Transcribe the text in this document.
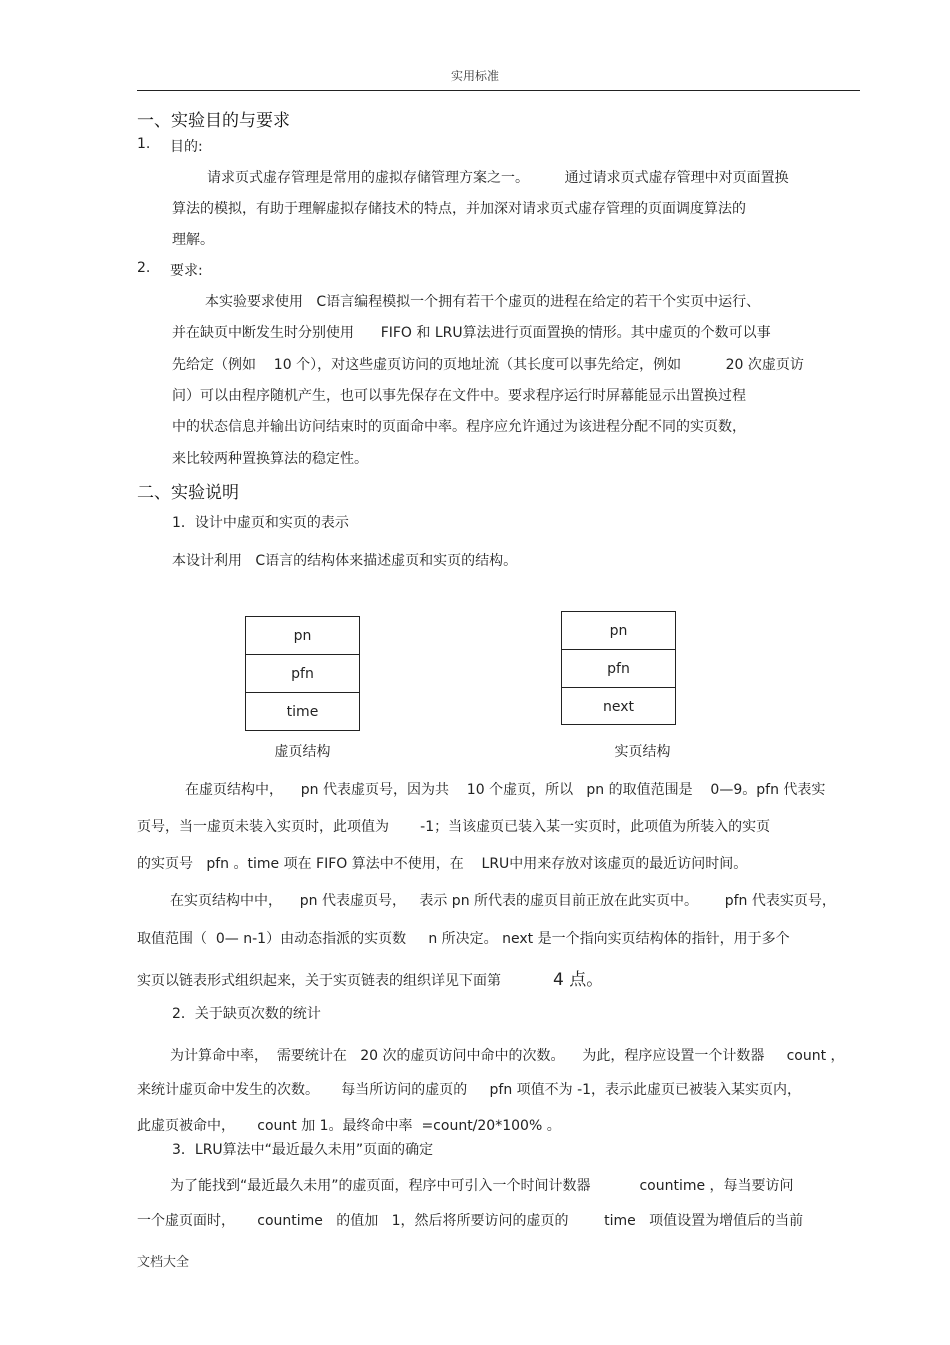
实用标准
一、实验目的与要求
1. 目的:
请求页式虚存管理是常用的虚拟存储管理方案之一。        通过请求页式虚存管理中对页面置换
算法的模拟，有助于理解虚拟存储技术的特点，并加深对请求页式虚存管理的页面调度算法的
理解。
2. 要求:
本实验要求使用   C语言编程模拟一个拥有若干个虚页的进程在给定的若干个实页中运行、
并在缺页中断发生时分别使用      FIFO 和 LRU算法进行页面置换的情形。其中虚页的个数可以事
先给定（例如    10 个），对这些虚页访问的页地址流（其长度可以事先给定，例如          20 次虚页访
问）可以由程序随机产生，也可以事先保存在文件中。要求程序运行时屏幕能显示出置换过程
中的状态信息并输出访问结束时的页面命中率。程序应允许通过为该进程分配不同的实页数，
来比较两种置换算法的稳定性。
二、实验说明
1．设计中虚页和实页的表示
本设计利用   C语言的结构体来描述虚页和实页的结构。
pn
pfn
time
虚页结构
pn
pfn
next
实页结构
在虚页结构中，    pn 代表虚页号，因为共    10 个虚页，所以   pn 的取值范围是    0—9。pfn 代表实
页号，当一虚页未装入实页时，此项值为       -1；当该虚页已装入某一实页时，此项值为所装入的实页
的实页号   pfn 。time 项在 FIFO 算法中不使用，在    LRU中用来存放对该虚页的最近访问时间。
在实页结构中中，    pn 代表虚页号，   表示 pn 所代表的虚页目前正放在此实页中。      pfn 代表实页号，
取值范围（  0— n-1）由动态指派的实页数     n 所决定。 next 是一个指向实页结构体的指针，用于多个
实页以链表形式组织起来，关于实页链表的组织详见下面第	4 点。
2．关于缺页次数的统计
为计算命中率，  需要统计在   20 次的虚页访问中命中的次数。    为此，程序应设置一个计数器     count ，
来统计虚页命中发生的次数。     每当所访问的虚页的     pfn 项值不为 -1，表示此虚页已被装入某实页内，
此虚页被命中，     count 加 1。最终命中率  =count/20*100% 。
3．LRU算法中“最近最久未用”页面的确定
为了能找到“最近最久未用”的虚页面，程序中可引入一个时间计数器           countime ，每当要访问
一个虚页面时，     countime   的值加   1，然后将所要访问的虚页的        time   项值设置为增值后的当前
文档大全
